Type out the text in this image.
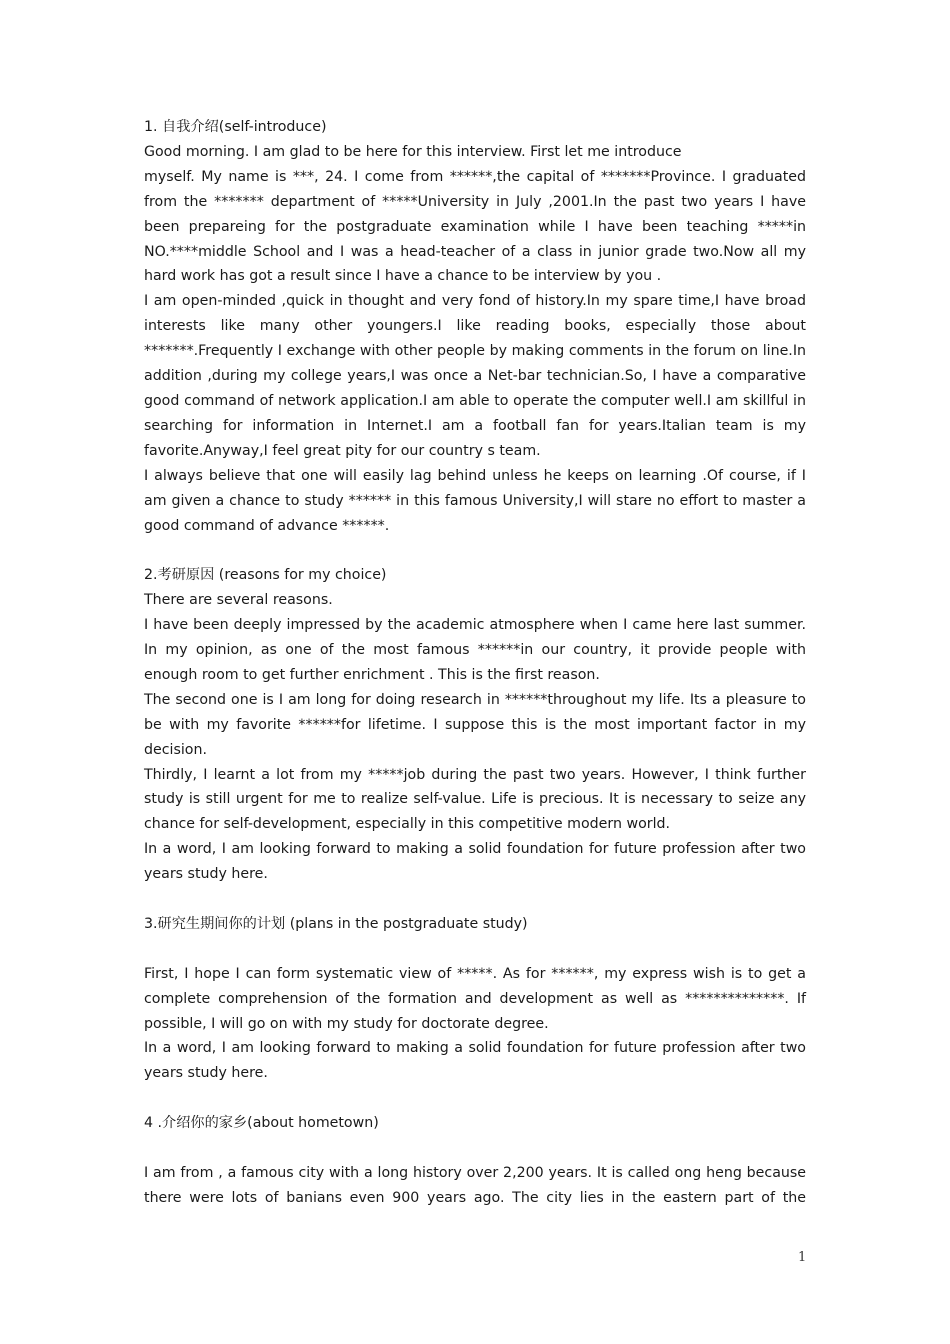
1. 自我介绍(self-introduce)

Good morning. I am glad to be here for this interview. First let me introduce

myself. My name is ***, 24. I come from ******,the capital of *******Province. I graduated from the ******* department of *****University in July ,2001.In the past two years I have been prepareing for the postgraduate examination while I have been teaching *****in NO.****middle School and I was a head-teacher of a class in junior grade two.Now all my hard work has got a result since I have a chance to be interview by you .

I am open-minded ,quick in thought and very fond of history.In my spare time,I have broad interests like many other youngers.I like reading books, especially those about *******.Frequently I exchange with other people by making comments in the forum on line.In addition ,during my college years,I was once a Net-bar technician.So, I have a comparative good command of network application.I am able to operate the computer well.I am skillful in searching for information in Internet.I am a football fan for years.Italian team is my favorite.Anyway,I feel great pity for our country s team.

I always believe that one will easily lag behind unless he keeps on learning .Of course, if I am given a chance to study ****** in this famous University,I will stare no effort to master a good command of advance ******.

2.考研原因 (reasons for my choice)

There are several reasons.

I have been deeply impressed by the academic atmosphere when I came here last summer. In my opinion, as one of the most famous ******in our country, it provide people with enough room to get further enrichment . This is the first reason.

The second one is I am long for doing research in ******throughout my life. Its a pleasure to be with my favorite ******for lifetime. I suppose this is the most important factor in my decision.

Thirdly, I learnt a lot from my *****job during the past two years. However, I think further study is still urgent for me to realize self-value. Life is precious. It is necessary to seize any chance for self-development, especially in this competitive modern world.

In a word, I am looking forward to making a solid foundation for future profession after two years study here.

3.研究生期间你的计划 (plans in the postgraduate study)

First, I hope I can form systematic view of *****. As for ******, my express wish is to get a complete comprehension of the formation and development as well as **************. If possible, I will go on with my study for doctorate degree.

In a word, I am looking forward to making a solid foundation for future profession after two years study here.

4 .介绍你的家乡(about hometown)

I am from , a famous city with a long history over 2,200 years. It is called ong heng because there were lots of banians even 900 years ago. The city lies in the eastern part of the

1
